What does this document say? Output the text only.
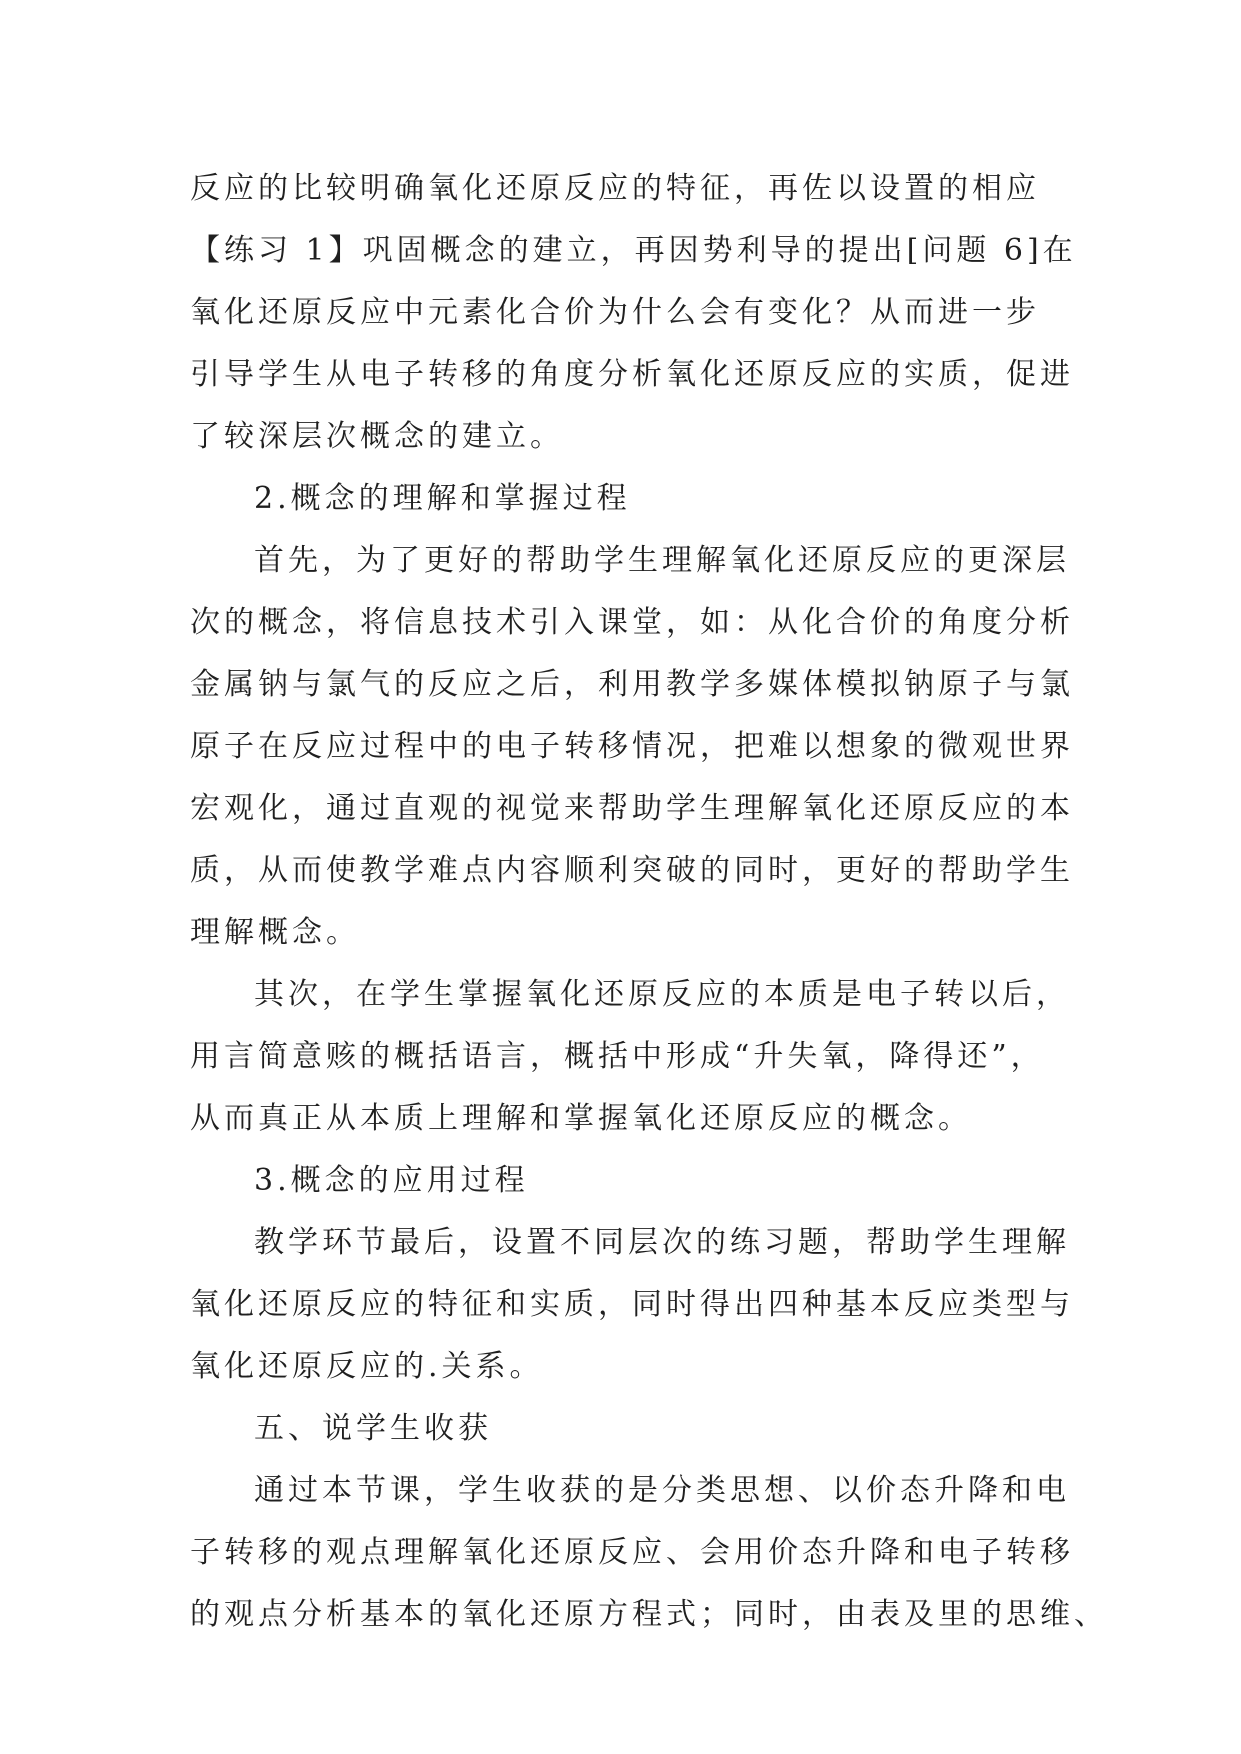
反应的比较明确氧化还原反应的特征，再佐以设置的相应
【练习 1】巩固概念的建立，再因势利导的提出[问题 6]在
氧化还原反应中元素化合价为什么会有变化？从而进一步
引导学生从电子转移的角度分析氧化还原反应的实质，促进
了较深层次概念的建立。
2.概念的理解和掌握过程
首先，为了更好的帮助学生理解氧化还原反应的更深层
次的概念，将信息技术引入课堂，如：从化合价的角度分析
金属钠与氯气的反应之后，利用教学多媒体模拟钠原子与氯
原子在反应过程中的电子转移情况，把难以想象的微观世界
宏观化，通过直观的视觉来帮助学生理解氧化还原反应的本
质，从而使教学难点内容顺利突破的同时，更好的帮助学生
理解概念。
其次，在学生掌握氧化还原反应的本质是电子转以后，
用言简意赅的概括语言，概括中形成“升失氧，降得还”，
从而真正从本质上理解和掌握氧化还原反应的概念。
3.概念的应用过程
教学环节最后，设置不同层次的练习题，帮助学生理解
氧化还原反应的特征和实质，同时得出四种基本反应类型与
氧化还原反应的.关系。
五、说学生收获
通过本节课，学生收获的是分类思想、以价态升降和电
子转移的观点理解氧化还原反应、会用价态升降和电子转移
的观点分析基本的氧化还原方程式；同时，由表及里的思维、
